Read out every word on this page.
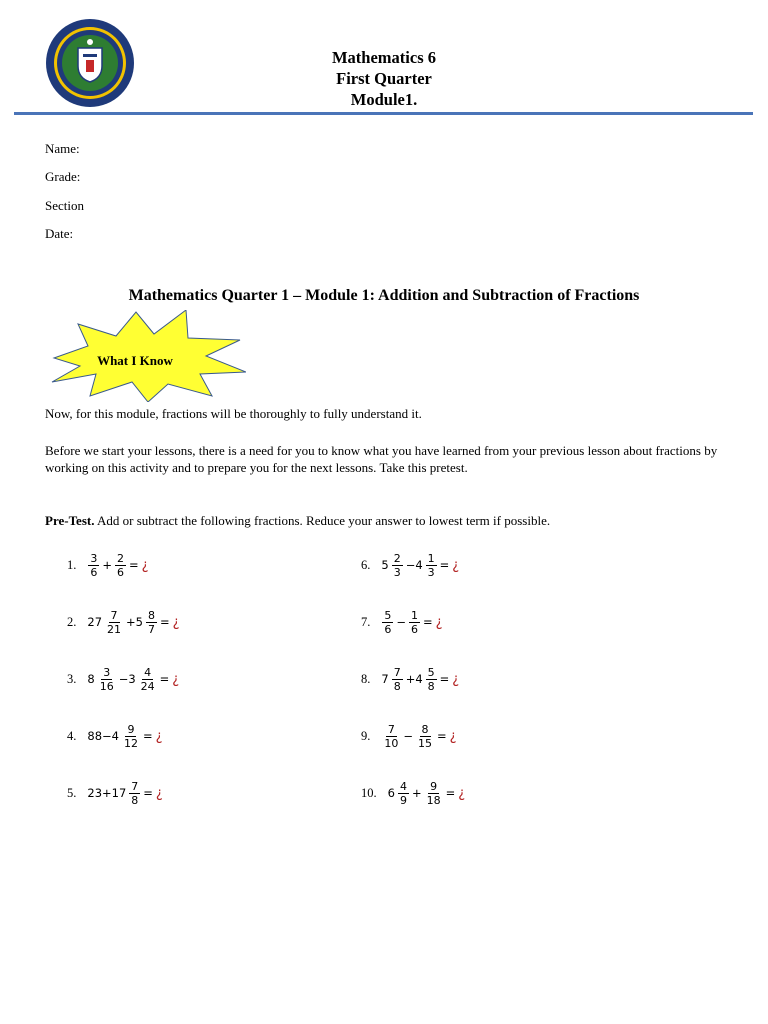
Mathematics 6
First Quarter
Module1.
Name:
Grade:
Section
Date:
Mathematics Quarter 1 – Module 1: Addition and Subtraction of Fractions
What I Know
Now, for this module, fractions will be thoroughly to fully understand it.
Before we start your lessons, there is a need for you to know what you have learned from your previous lesson about fractions by working on this activity and to prepare you for the next lessons. Take this pretest.
Pre-Test. Add or subtract the following fractions. Reduce your answer to lowest term if possible.
1. $\frac{3}{6} + \frac{2}{6}$ = ¿
2. $27 \frac{7}{21} +5 \frac{8}{7}$ = ¿
3. $8 \frac{3}{16} -3 \frac{4}{24}$ = ¿
4. $88-4 \frac{9}{12}$ = ¿
5. $23+17 \frac{7}{8}$ = ¿
6. $5 \frac{2}{3} -4 \frac{1}{3}$ = ¿
7. $\frac{5}{6} - \frac{1}{6}$ = ¿
8. $7 \frac{7}{8} +4 \frac{5}{8}$ = ¿
9. $\frac{7}{10} - \frac{8}{15}$ = ¿
10. $6 \frac{4}{9} + \frac{9}{18}$ = ¿
